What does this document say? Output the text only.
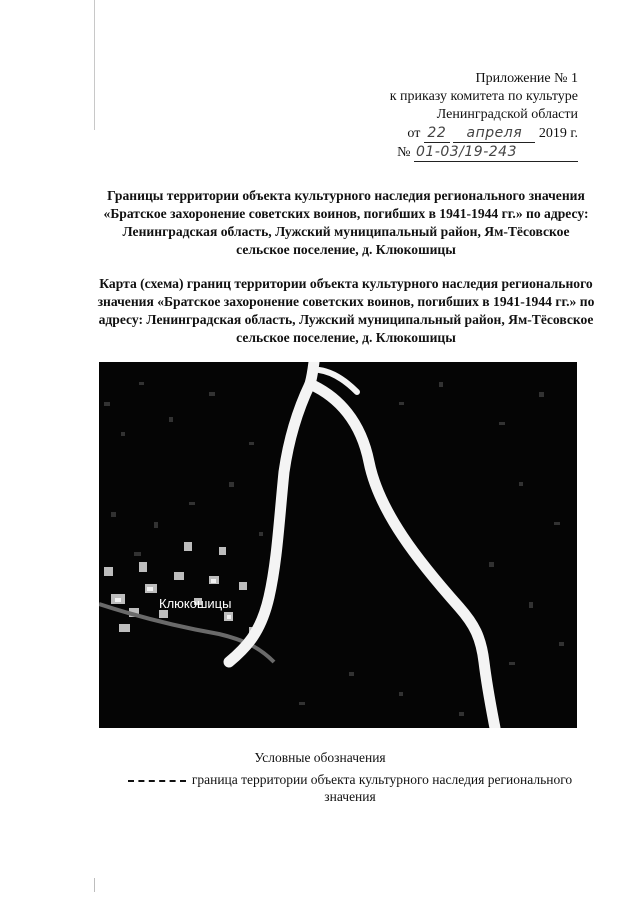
Приложение № 1
к приказу комитета по культуре
Ленинградской области
от 22 апреля 2019 г.
№ 01-03/19-243
Границы территории объекта культурного наследия регионального значения «Братское захоронение советских воинов, погибших в 1941-1944 гг.» по адресу: Ленинградская область, Лужский муниципальный район, Ям-Тёсовское сельское поселение, д. Клюкошицы
Карта (схема) границ территории объекта культурного наследия регионального значения «Братское захоронение советских воинов, погибших в 1941-1944 гг.» по адресу: Ленинградская область, Лужский муниципальный район, Ям-Тёсовское сельское поселение, д. Клюкошицы
Клюкошицы
Условные обозначения
граница территории объекта культурного наследия регионального значения
